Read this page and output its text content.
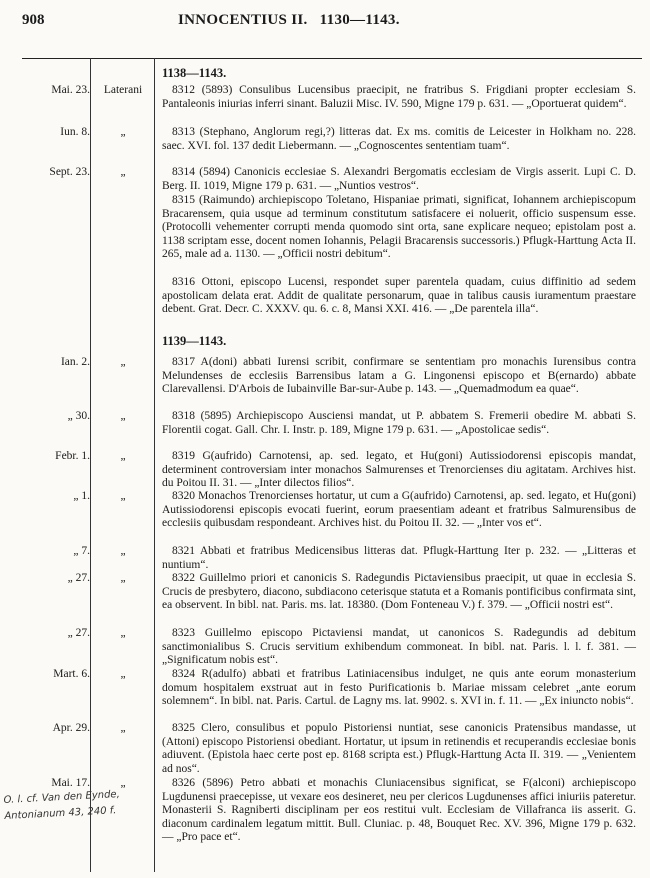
908	INNOCENTIUS II.   1130—1143.
1138—1143.
Mai. 23.	Laterani	8312 (5893) Consulibus Lucensibus praecipit, ne fratribus S. Frigdiani propter ecclesiam S. Pantaleonis iniurias inferri sinant. Baluzii Misc. IV. 590, Migne 179 p. 631. — „Oportuerat quidem“.
Iun. 8.	„	8313 (Stephano, Anglorum regi,?) litteras dat. Ex ms. comitis de Leicester in Holkham no. 228. saec. XVI. fol. 137 dedit Liebermann. — „Cognoscentes sententiam tuam“.
Sept. 23.	„	8314 (5894) Canonicis ecclesiae S. Alexandri Bergomatis ecclesiam de Virgis asserit. Lupi C. D. Berg. II. 1019, Migne 179 p. 631. — „Nuntios vestros“.
8315 (Raimundo) archiepiscopo Toletano, Hispaniae primati, significat, Iohannem archiepiscopum Bracarensem, quia usque ad terminum constitutum satisfacere ei noluerit, officio suspensum esse. (Protocolli vehementer corrupti menda quomodo sint orta, sane explicare nequeo; epistolam post a. 1138 scriptam esse, docent nomen Iohannis, Pelagii Bracarensis successoris.) Pflugk-Harttung Acta II. 265, male ad a. 1130. — „Officii nostri debitum“.
8316 Ottoni, episcopo Lucensi, respondet super parentela quadam, cuius diffinitio ad sedem apostolicam delata erat. Addit de qualitate personarum, quae in talibus causis iuramentum praestare debent. Grat. Decr. C. XXXV. qu. 6. c. 8, Mansi XXI. 416. — „De parentela illa“.
1139—1143.
Ian. 2.	„	8317 A(doni) abbati Iurensi scribit, confirmare se sententiam pro monachis Iurensibus contra Melundenses de ecclesiis Barrensibus latam a G. Lingonensi episcopo et B(ernardo) abbate Clarevallensi. D'Arbois de Iubainville Bar-sur-Aube p. 143. — „Quemadmodum ea quae“.
„ 30.	„	8318 (5895) Archiepiscopo Ausciensi mandat, ut P. abbatem S. Fremerii obedire M. abbati S. Florentii cogat. Gall. Chr. I. Instr. p. 189, Migne 179 p. 631. — „Apostolicae sedis“.
Febr. 1.	„	8319 G(aufrido) Carnotensi, ap. sed. legato, et Hu(goni) Autissiodorensi episcopis mandat, determinent controversiam inter monachos Salmurenses et Trenorcienses diu agitatam. Archives hist. du Poitou II. 31. — „Inter dilectos filios“.
„ 1.	„	8320 Monachos Trenorcienses hortatur, ut cum a G(aufrido) Carnotensi, ap. sed. legato, et Hu(goni) Autissiodorensi episcopis evocati fuerint, eorum praesentiam adeant et fratribus Salmurensibus de ecclesiis quibusdam respondeant. Archives hist. du Poitou II. 32. — „Inter vos et“.
„ 7.	„	8321 Abbati et fratribus Medicensibus litteras dat. Pflugk-Harttung Iter p. 232. — „Litteras et nuntium“.
„ 27.	„	8322 Guillelmo priori et canonicis S. Radegundis Pictaviensibus praecipit, ut quae in ecclesia S. Crucis de presbytero, diacono, subdiacono ceterisque statuta et a Romanis pontificibus confirmata sint, ea observent. In bibl. nat. Paris. ms. lat. 18380. (Dom Fonteneau V.) f. 379. — „Officii nostri est“.
„ 27.	„	8323 Guillelmo episcopo Pictaviensi mandat, ut canonicos S. Radegundis ad debitum sanctimonialibus S. Crucis servitium exhibendum commoneat. In bibl. nat. Paris. l. l. f. 381. — „Significatum nobis est“.
Mart. 6.	„	8324 R(adulfo) abbati et fratribus Latiniacensibus indulget, ne quis ante eorum monasterium domum hospitalem exstruat aut in festo Purificationis b. Mariae missam celebret „ante eorum solemnem“. In bibl. nat. Paris. Cartul. de Lagny ms. lat. 9902. s. XVI in. f. 11. — „Ex iniuncto nobis“.
Apr. 29.	„	8325 Clero, consulibus et populo Pistoriensi nuntiat, sese canonicis Pratensibus mandasse, ut (Attoni) episcopo Pistoriensi obediant. Hortatur, ut ipsum in retinendis et recuperandis ecclesiae bonis adiuvent. (Epistola haec certe post ep. 8168 scripta est.) Pflugk-Harttung Acta II. 319. — „Venientem ad nos“.
Mai. 17.	„	8326 (5896) Petro abbati et monachis Cluniacensibus significat, se F(alconi) archiepiscopo Lugdunensi praecepisse, ut vexare eos desineret, neu per clericos Lugdunenses affici iniuriis pateretur. Monasterii S. Ragniberti disciplinam per eos restitui vult. Ecclesiam de Villafranca iis asserit. G. diaconum cardinalem legatum mittit. Bull. Cluniac. p. 48, Bouquet Rec. XV. 396, Migne 179 p. 632. — „Pro pace et“.
O. l. cf. Van den Eynde,
Antonianum 43, 240 f.
